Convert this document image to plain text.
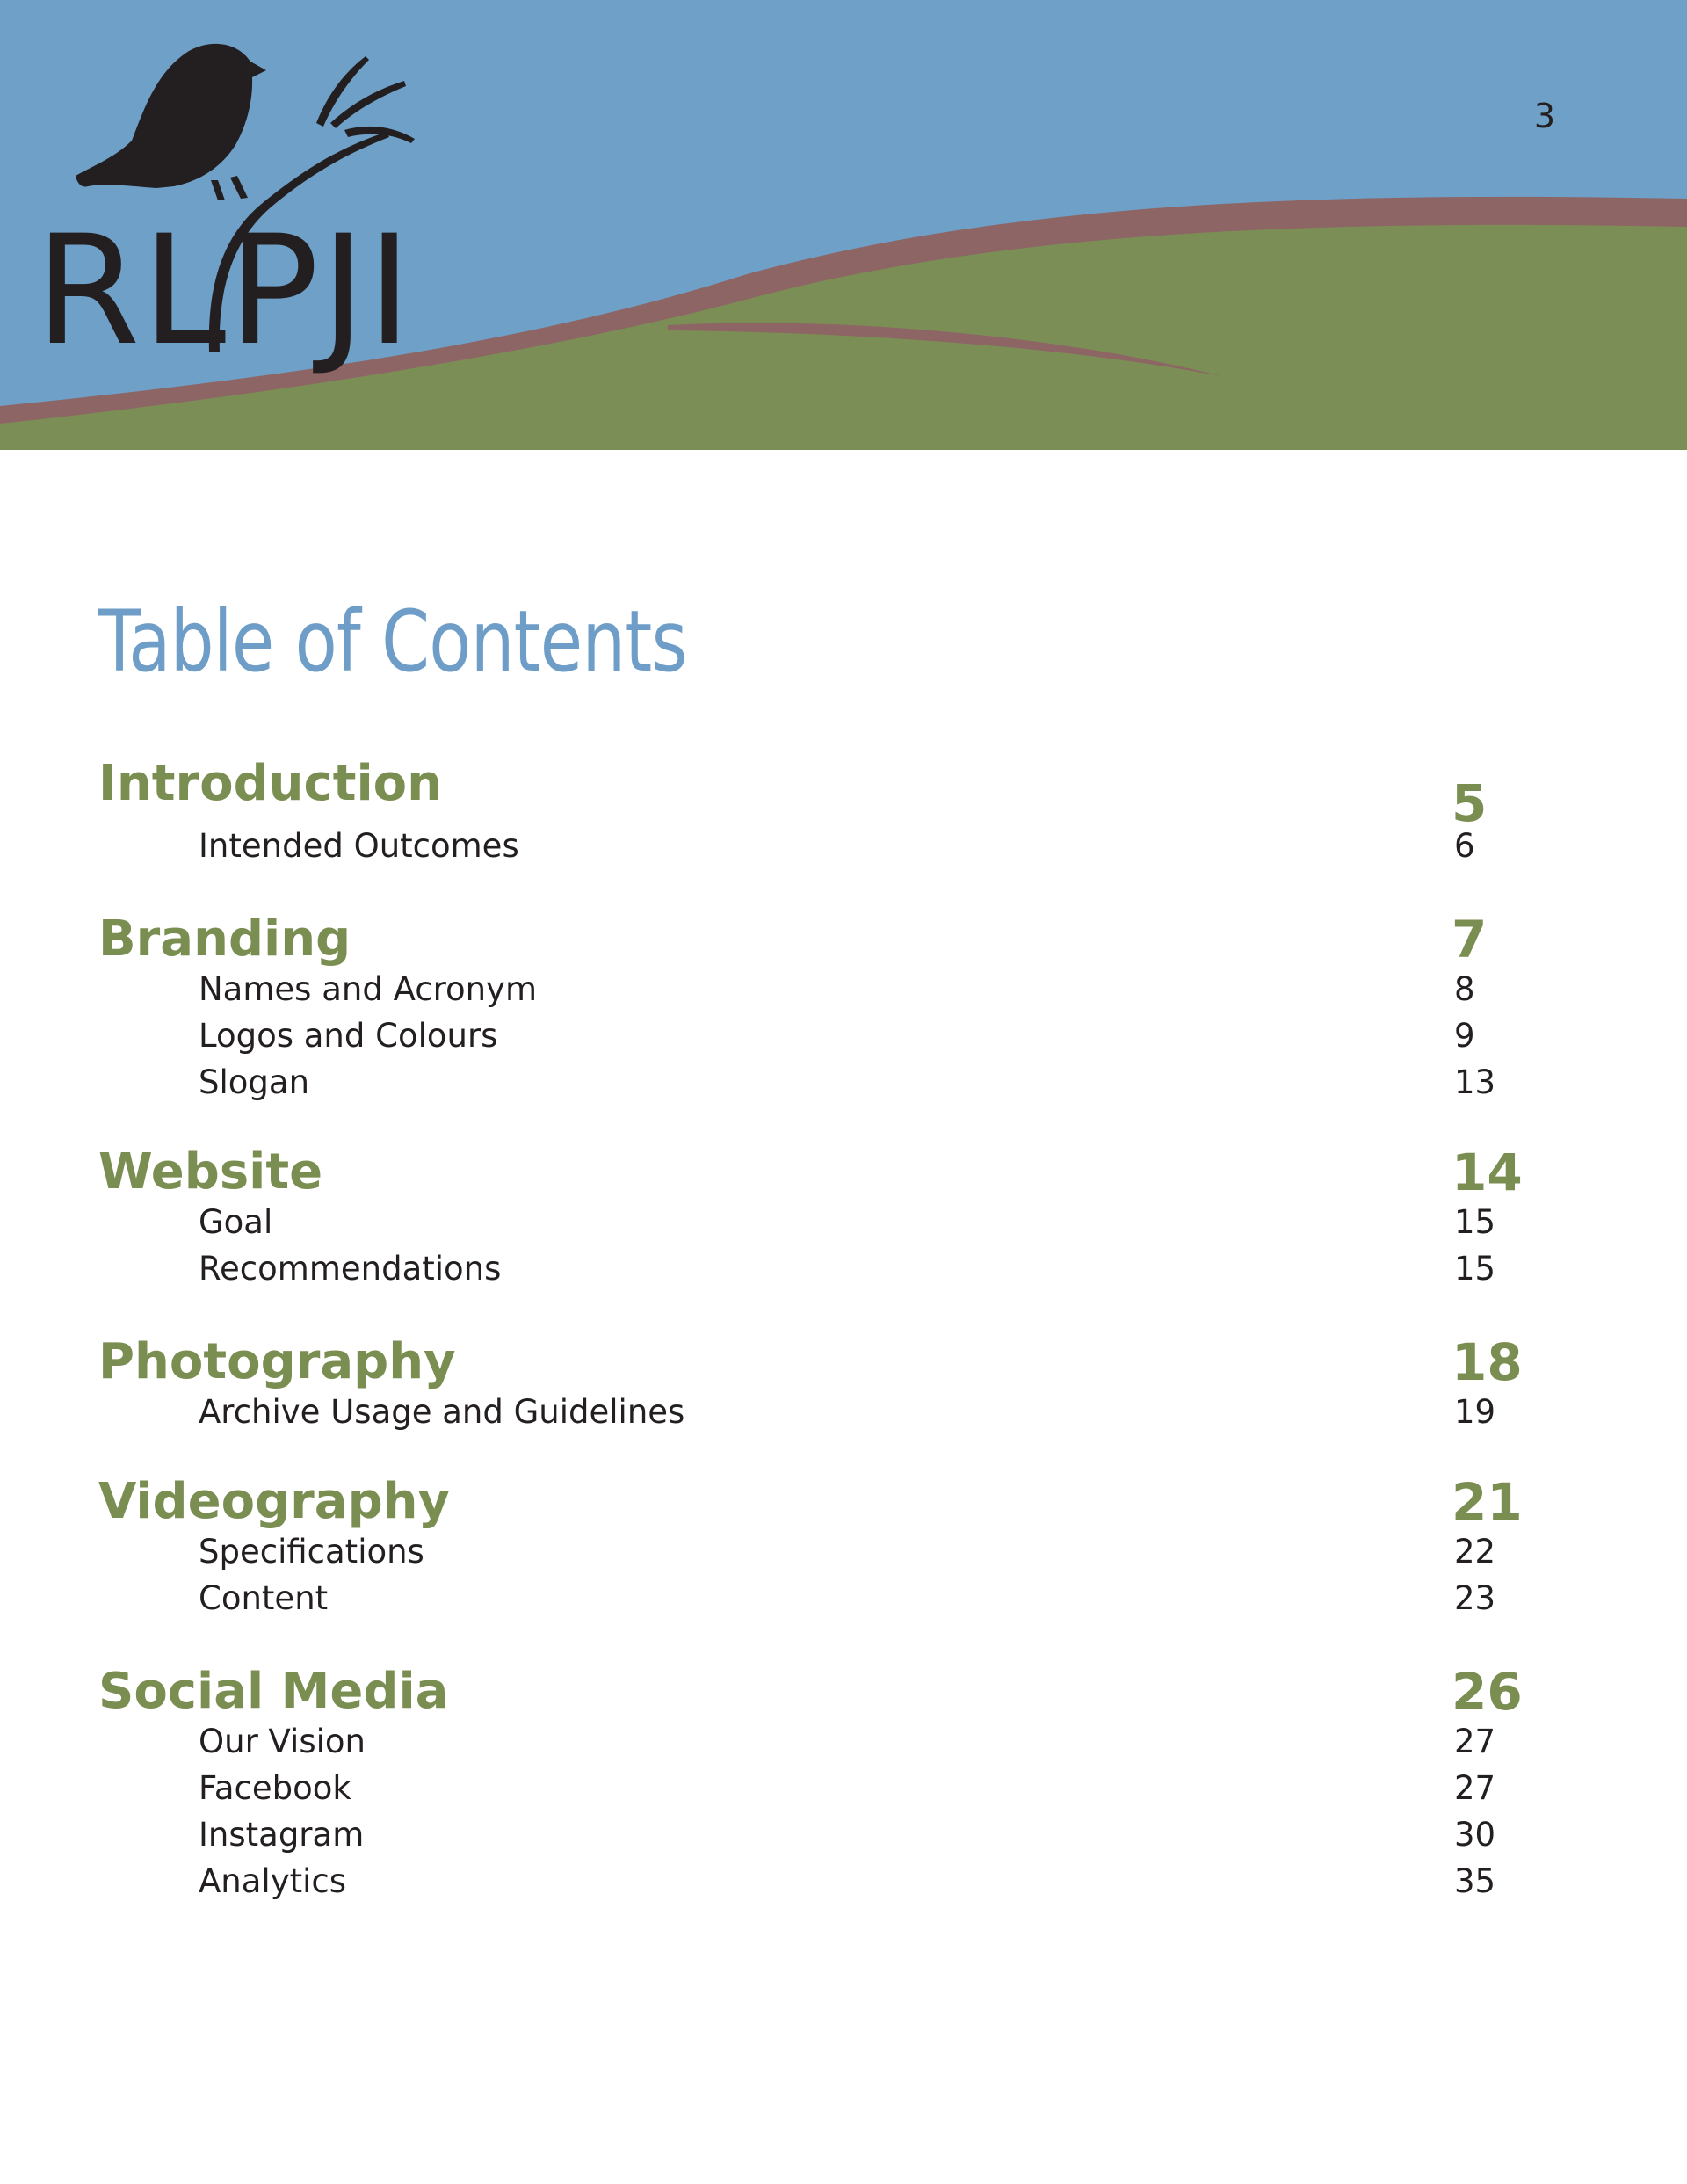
3
RLPJI
Table of Contents
Introduction	5
Intended Outcomes	6
Branding	7
Names and Acronym	8
Logos and Colours	9
Slogan	13
Website	14
Goal	15
Recommendations	15
Photography	18
Archive Usage and Guidelines	19
Videography	21
Specifications	22
Content	23
Social Media	26
Our Vision	27
Facebook	27
Instagram	30
Analytics	35
